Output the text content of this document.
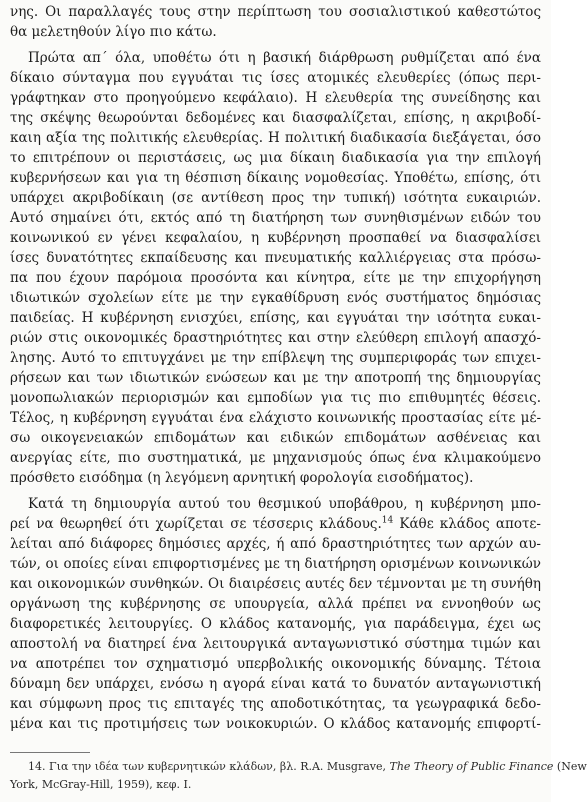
νης. Οι παραλλαγές τους στην περίπτωση του σοσιαλιστικού καθεστώτος
θα μελετηθούν λίγο πιο κάτω.
Πρώτα απ΄ όλα, υποθέτω ότι η βασική διάρθρωση ρυθμίζεται από ένα
δίκαιο σύνταγμα που εγγυάται τις ίσες ατομικές ελευθερίες (όπως περι-
γράφτηκαν στο προηγούμενο κεφάλαιο). Η ελευθερία της συνείδησης και
της σκέψης θεωρούνται δεδομένες και διασφαλίζεται, επίσης, η ακριβοδί-
καιη αξία της πολιτικής ελευθερίας. Η πολιτική διαδικασία διεξάγεται, όσο
το επιτρέπουν οι περιστάσεις, ως μια δίκαιη διαδικασία για την επιλογή
κυβερνήσεων και για τη θέσπιση δίκαιης νομοθεσίας. Υποθέτω, επίσης, ότι
υπάρχει ακριβοδίκαιη (σε αντίθεση προς την τυπική) ισότητα ευκαιριών.
Αυτό σημαίνει ότι, εκτός από τη διατήρηση των συνηθισμένων ειδών του
κοινωνικού εν γένει κεφαλαίου, η κυβέρνηση προσπαθεί να διασφαλίσει
ίσες δυνατότητες εκπαίδευσης και πνευματικής καλλιέργειας στα πρόσω-
πα που έχουν παρόμοια προσόντα και κίνητρα, είτε με την επιχορήγηση
ιδιωτικών σχολείων είτε με την εγκαθίδρυση ενός συστήματος δημόσιας
παιδείας. Η κυβέρνηση ενισχύει, επίσης, και εγγυάται την ισότητα ευκαι-
ριών στις οικονομικές δραστηριότητες και στην ελεύθερη επιλογή απασχό-
λησης. Αυτό το επιτυγχάνει με την επίβλεψη της συμπεριφοράς των επιχει-
ρήσεων και των ιδιωτικών ενώσεων και με την αποτροπή της δημιουργίας
μονοπωλιακών περιορισμών και εμποδίων για τις πιο επιθυμητές θέσεις.
Τέλος, η κυβέρνηση εγγυάται ένα ελάχιστο κοινωνικής προστασίας είτε μέ-
σω οικογενειακών επιδομάτων και ειδικών επιδομάτων ασθένειας και
ανεργίας είτε, πιο συστηματικά, με μηχανισμούς όπως ένα κλιμακούμενο
πρόσθετο εισόδημα (η λεγόμενη αρνητική φορολογία εισοδήματος).
Κατά τη δημιουργία αυτού του θεσμικού υποβάθρου, η κυβέρνηση μπο-
ρεί να θεωρηθεί ότι χωρίζεται σε τέσσερις κλάδους.$^{14}$ Κάθε κλάδος αποτε-
λείται από διάφορες δημόσιες αρχές, ή από δραστηριότητες των αρχών αυ-
τών, οι οποίες είναι επιφορτισμένες με τη διατήρηση ορισμένων κοινωνικών
και οικονομικών συνθηκών. Οι διαιρέσεις αυτές δεν τέμνονται με τη συνήθη
οργάνωση της κυβέρνησης σε υπουργεία, αλλά πρέπει να εννοηθούν ως
διαφορετικές λειτουργίες. Ο κλάδος κατανομής, για παράδειγμα, έχει ως
αποστολή να διατηρεί ένα λειτουργικά ανταγωνιστικό σύστημα τιμών και
να αποτρέπει τον σχηματισμό υπερβολικής οικονομικής δύναμης. Τέτοια
δύναμη δεν υπάρχει, ενόσω η αγορά είναι κατά το δυνατόν ανταγωνιστική
και σύμφωνη προς τις επιταγές της αποδοτικότητας, τα γεωγραφικά δεδο-
μένα και τις προτιμήσεις των νοικοκυριών. Ο κλάδος κατανομής επιφορτί-
14. Για την ιδέα των κυβερνητικών κλάδων, βλ. R.A. Musgrave, The Theory of Public Finance (New
York, McGray-Hill, 1959), κεφ. I.
